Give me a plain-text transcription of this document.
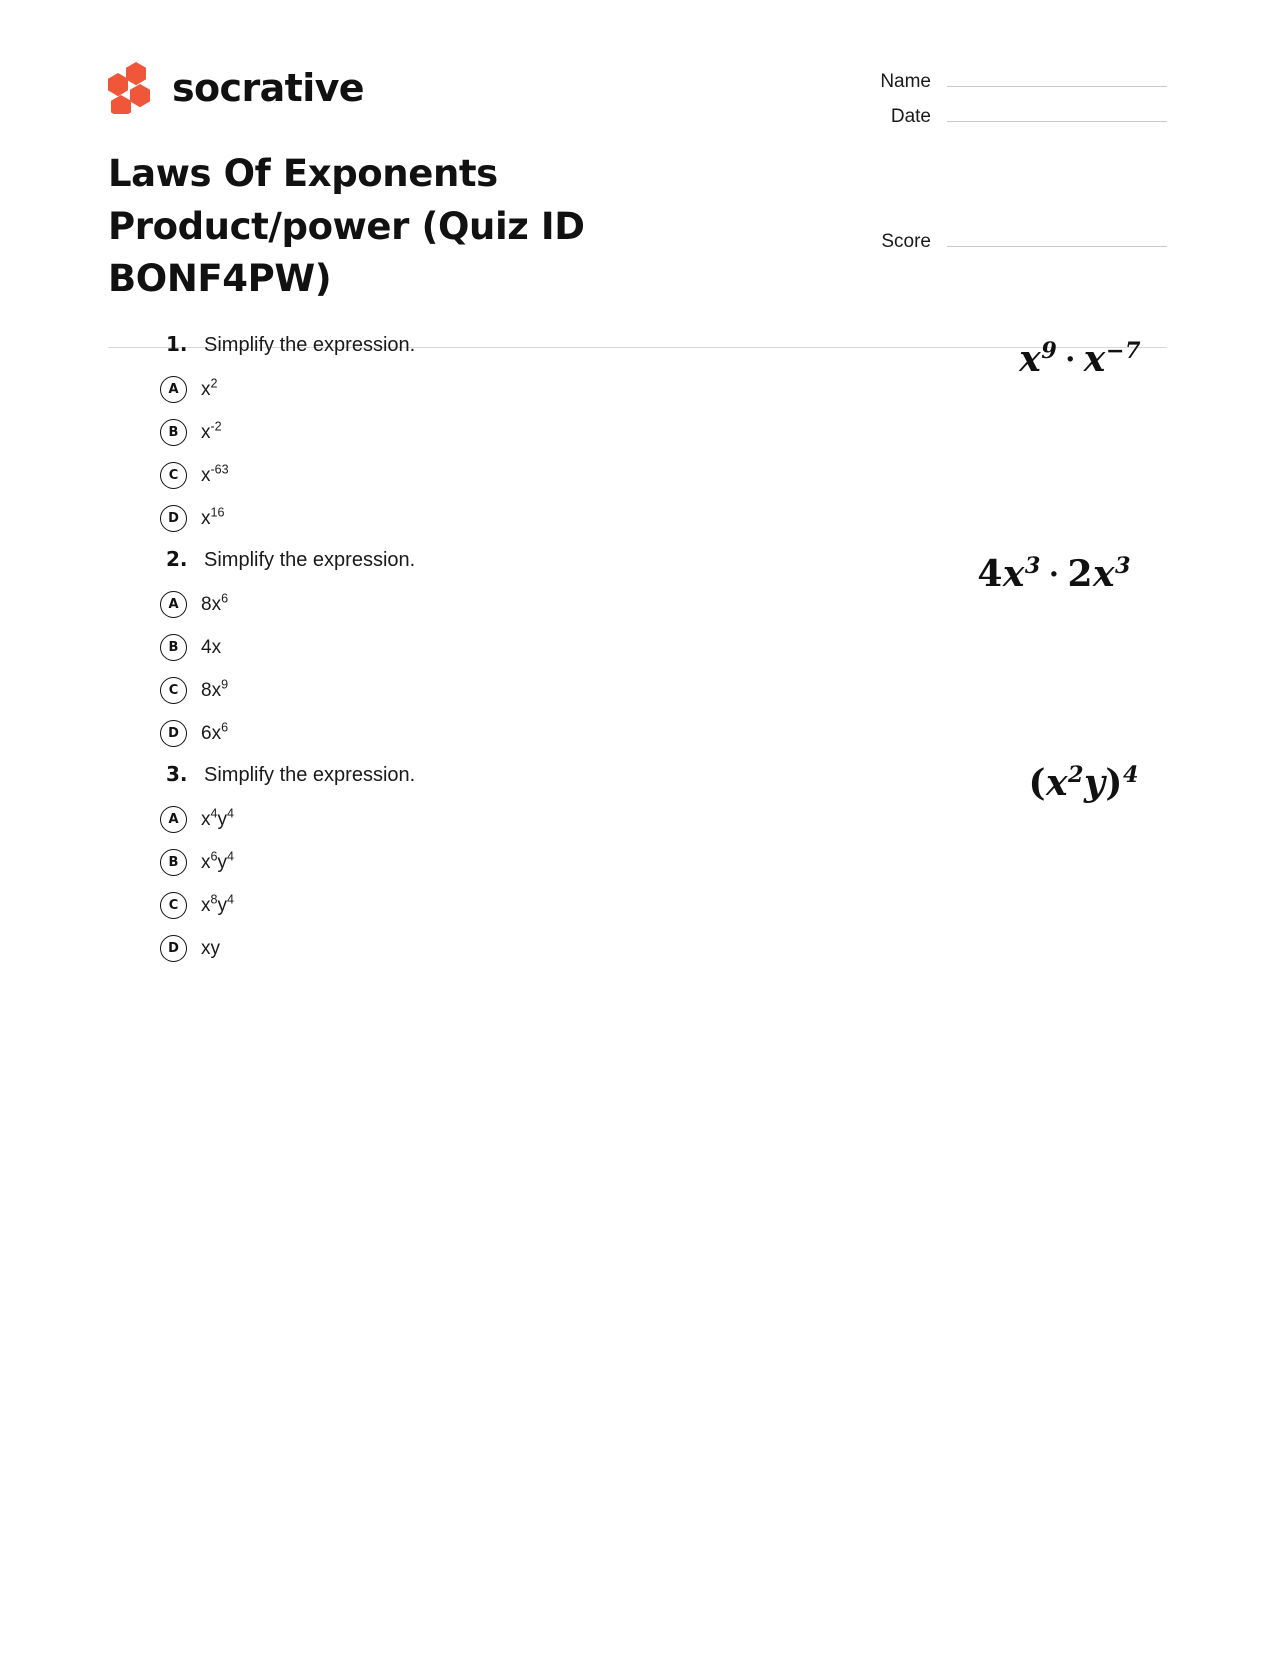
socrative
Laws Of Exponents Product/power (Quiz ID BONF4PW)
Name
Date
Score
1. Simplify the expression.
A	$x^2$
B	$x^{-2}$
C	$x^{-63}$
D	$x^{16}$
$x^9 \cdot x^{-7}$
2. Simplify the expression.
A	$8x^6$
B	4x
C	$8x^9$
D	$6x^6$
$4x^3 \cdot 2x^3$
3. Simplify the expression.
A	$x^4y^4$
B	$x^6y^4$
C	$x^8y^4$
D	xy
$(x^2y)^4$
